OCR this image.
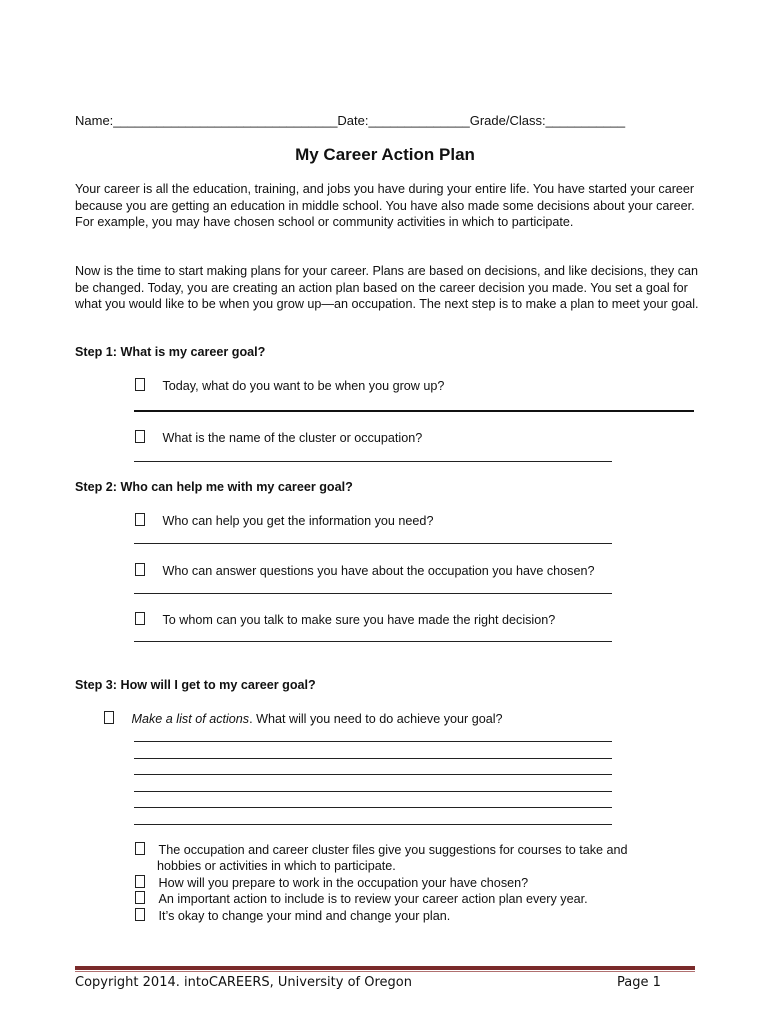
Name:_______________________________Date:______________Grade/Class:___________
My Career Action Plan
Your career is all the education, training, and jobs you have during your entire life. You have started your career because you are getting an education in middle school. You have also made some decisions about your career. For example, you may have chosen school or community activities in which to participate.
Now is the time to start making plans for your career. Plans are based on decisions, and like decisions, they can be changed. Today, you are creating an action plan based on the career decision you made. You set a goal for what you would like to be when you grow up—an occupation. The next step is to make a plan to meet your goal.
Step 1: What is my career goal?
Today, what do you want to be when you grow up?
What is the name of the cluster or occupation?
Step 2: Who can help me with my career goal?
Who can help you get the information you need?
Who can answer questions you have about the occupation you have chosen?
To whom can you talk to make sure you have made the right decision?
Step 3: How will I get to my career goal?
Make a list of actions. What will you need to do achieve your goal?
The occupation and career cluster files give you suggestions for courses to take and
hobbies or activities in which to participate.
How will you prepare to work in the occupation your have chosen?
An important action to include is to review your career action plan every year.
It’s okay to change your mind and change your plan.
Copyright 2014. intoCAREERS, University of Oregon	Page 1
